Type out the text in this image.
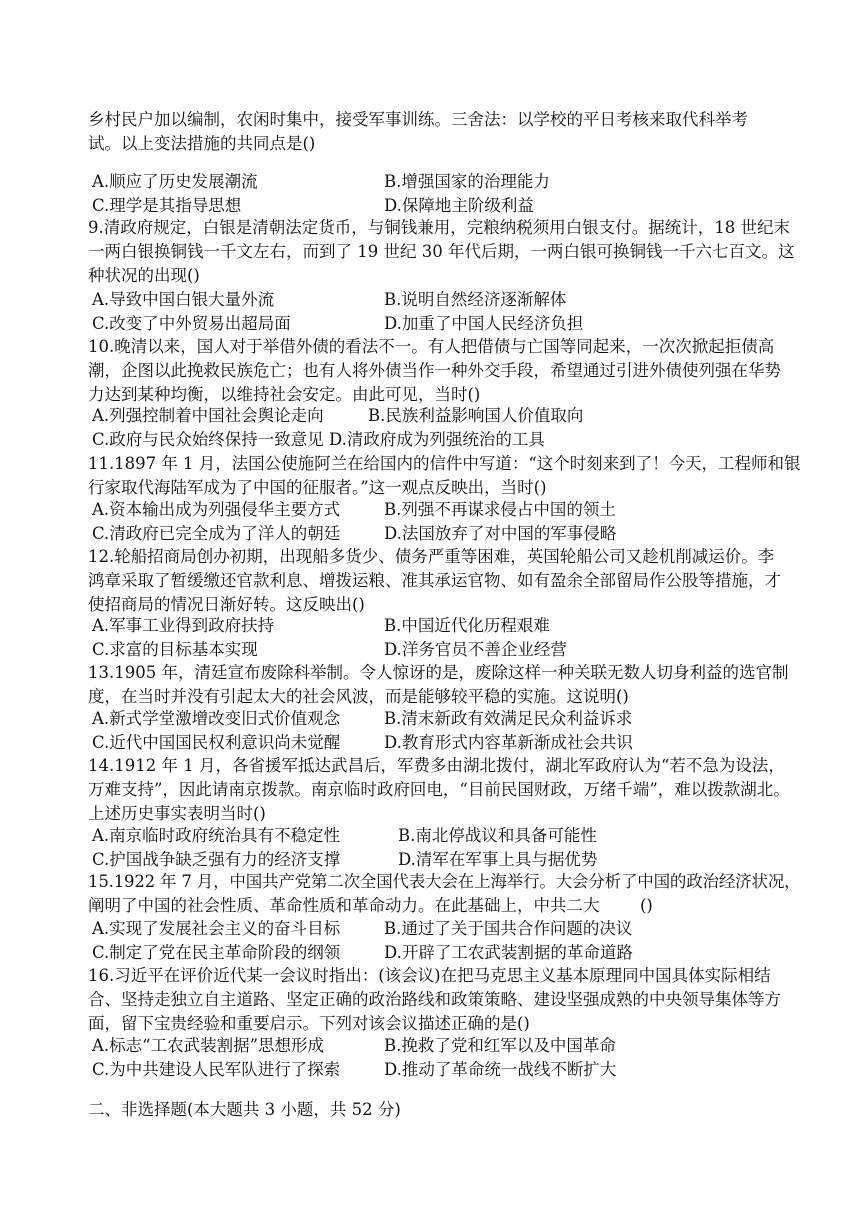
乡村民户加以编制，农闲时集中，接受军事训练。三舍法：以学校的平日考核来取代科举考
试。以上变法措施的共同点是()
A.顺应了历史发展潮流	B.增强国家的治理能力
C.理学是其指导思想	D.保障地主阶级利益
9.清政府规定，白银是清朝法定货币，与铜钱兼用，完粮纳税须用白银支付。据统计，18 世纪末
一两白银换铜钱一千文左右，而到了 19 世纪 30 年代后期，一两白银可换铜钱一千六七百文。这
种状况的出现()
A.导致中国白银大量外流	B.说明自然经济逐渐解体
C.改变了中外贸易出超局面	D.加重了中国人民经济负担
10.晚清以来，国人对于举借外债的看法不一。有人把借债与亡国等同起来，一次次掀起拒债高
潮，企图以此挽救民族危亡；也有人将外债当作一种外交手段，希望通过引进外债使列强在华势
力达到某种均衡，以维持社会安定。由此可见，当时()
A.列强控制着中国社会舆论走向	B.民族利益影响国人价值取向
C.政府与民众始终保持一致意见 D.清政府成为列强统治的工具
11.1897 年 1 月，法国公使施阿兰在给国内的信件中写道：“这个时刻来到了！今天，工程师和银
行家取代海陆军成为了中国的征服者。”这一观点反映出，当时()
A.资本输出成为列强侵华主要方式	B.列强不再谋求侵占中国的领土
C.清政府已完全成为了洋人的朝廷	D.法国放弃了对中国的军事侵略
12.轮船招商局创办初期，出现船多货少、债务严重等困难，英国轮船公司又趁机削减运价。李
鸿章采取了暂缓缴还官款利息、增拨运粮、准其承运官物、如有盈余全部留局作公股等措施，才
使招商局的情况日渐好转。这反映出()
A.军事工业得到政府扶持	B.中国近代化历程艰难
C.求富的目标基本实现	D.洋务官员不善企业经营
13.1905 年，清廷宣布废除科举制。令人惊讶的是，废除这样一种关联无数人切身利益的选官制
度，在当时并没有引起太大的社会风波，而是能够较平稳的实施。这说明()
A.新式学堂激增改变旧式价值观念	B.清末新政有效满足民众利益诉求
C.近代中国国民权利意识尚未觉醒	D.教育形式内容革新渐成社会共识
14.1912 年 1 月，各省援军抵达武昌后，军费多由湖北拨付，湖北军政府认为“若不急为设法，
万难支持”，因此请南京拨款。南京临时政府回电，“目前民国财政，万绪千端”，难以拨款湖北。
上述历史事实表明当时()
A.南京临时政府统治具有不稳定性	B.南北停战议和具备可能性
C.护国战争缺乏强有力的经济支撑	D.清军在军事上具与据优势
15.1922 年 7 月，中国共产党第二次全国代表大会在上海举行。大会分析了中国的政治经济状况，
阐明了中国的社会性质、革命性质和革命动力。在此基础上，中共二大	()
A.实现了发展社会主义的奋斗目标	B.通过了关于国共合作问题的决议
C.制定了党在民主革命阶段的纲领	D.开辟了工农武装割据的革命道路
16.习近平在评价近代某一会议时指出：(该会议)在把马克思主义基本原理同中国具体实际相结
合、坚持走独立自主道路、坚定正确的政治路线和政策策略、建设坚强成熟的中央领导集体等方
面，留下宝贵经验和重要启示。下列对该会议描述正确的是()
A.标志“工农武装割据”思想形成	B.挽救了党和红军以及中国革命
C.为中共建设人民军队进行了探索	D.推动了革命统一战线不断扩大
二、非选择题(本大题共 3 小题，共 52 分)
